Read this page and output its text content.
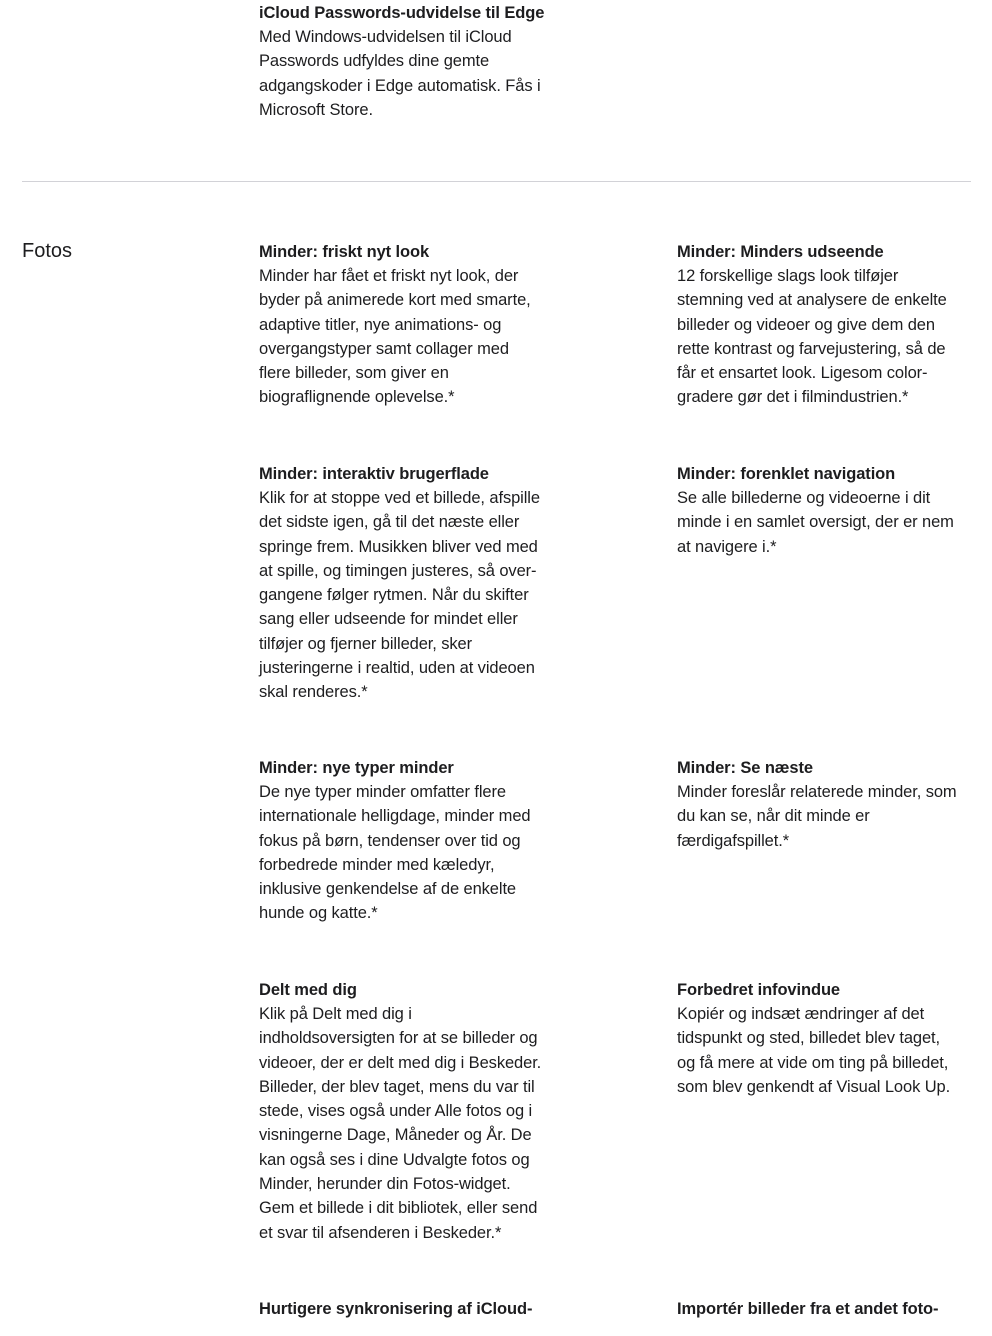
iCloud Passwords-udvidelse til Edge

Med Windows-udvidelsen til iCloud
Passwords udfyldes dine gemte
adgangskoder i Edge automatisk. Fås i
Microsoft Store.

Fotos	Minder: friskt nyt look

Minder har fået et friskt nyt look, der
byder på animerede kort med smarte,
adaptive titler, nye animations- og
overgangstyper samt collager med
flere billeder, som giver en
biograflignende oplevelse.*

Minder: Minders udseende

12 forskellige slags look tilføjer
stemning ved at analysere de enkelte
billeder og videoer og give dem den
rette kontrast og farvejustering, så de
får et ensartet look. Ligesom color-
gradere gør det i filmindustrien.*

Minder: interaktiv brugerflade

Klik for at stoppe ved et billede, afspille
det sidste igen, gå til det næste eller
springe frem. Musikken bliver ved med
at spille, og timingen justeres, så over-
gangene følger rytmen. Når du skifter
sang eller udseende for mindet eller
tilføjer og fjerner billeder, sker
justeringerne i realtid, uden at videoen
skal renderes.*

Minder: forenklet navigation

Se alle billederne og videoerne i dit
minde i en samlet oversigt, der er nem
at navigere i.*

Minder: nye typer minder

De nye typer minder omfatter flere
internationale helligdage, minder med
fokus på børn, tendenser over tid og
forbedrede minder med kæledyr,
inklusive genkendelse af de enkelte
hunde og katte.*

Minder: Se næste

Minder foreslår relaterede minder, som
du kan se, når dit minde er
færdigafspillet.*

Delt med dig

Klik på Delt med dig i
indholdsoversigten for at se billeder og
videoer, der er delt med dig i Beskeder.
Billeder, der blev taget, mens du var til
stede, vises også under Alle fotos og i
visningerne Dage, Måneder og År. De
kan også ses i dine Udvalgte fotos og
Minder, herunder din Fotos-widget.
Gem et billede i dit bibliotek, eller send
et svar til afsenderen i Beskeder.*

Forbedret infovindue

Kopiér og indsæt ændringer af det
tidspunkt og sted, billedet blev taget,
og få mere at vide om ting på billedet,
som blev genkendt af Visual Look Up.

Hurtigere synkronisering af iCloud-	Importér billeder fra et andet foto-
